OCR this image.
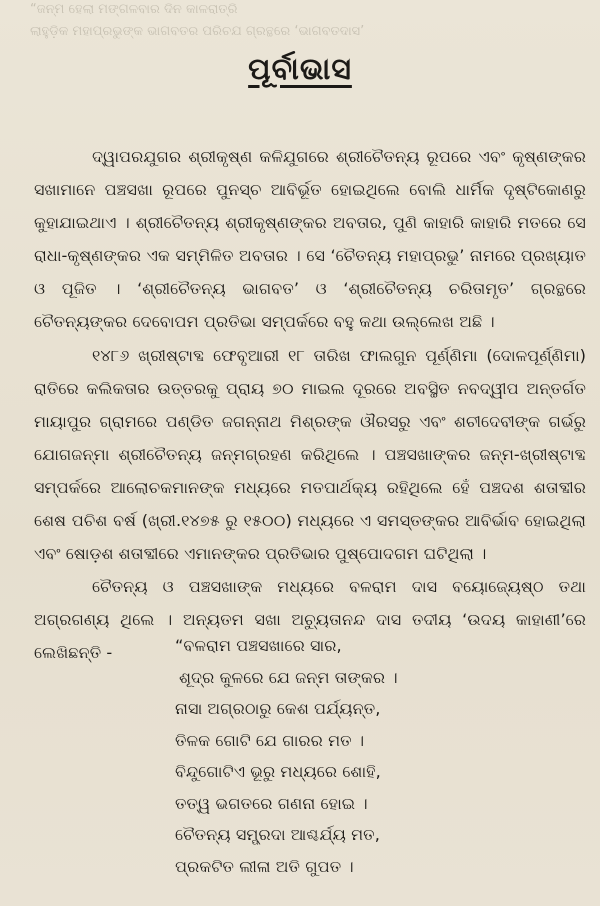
“ଜନ୍ମ ହେଲା ମଙ୍ଗଳବାର ଦିନ କାଳରାତ୍ରି
ଲାହୁଡ଼ିକ ମହାପ୍ରଭୁଙ୍କ ଭାଗବତର ପରିଚଯ ଗ୍ରନ୍ଥରେ ‘ଭାଗବତଦାସ’
ପୂର୍ବାଭାସ

ଦ୍ୱାପରଯୁଗର ଶ୍ରୀକୃଷ୍ଣ କଳିଯୁଗରେ ଶ୍ରୀଚୈତନ୍ୟ ରୂପରେ ଏବଂ କୃଷ୍ଣଙ୍କର ସଖାମାନେ ପଞ୍ଚସଖା ରୂପରେ ପୁନସ୍ଚ ଆବିର୍ଭୂତ ହୋଇଥିଲେ ବୋଲି ଧାର୍ମିକ ଦୃଷ୍ଟିକୋଣରୁ କୁହାଯାଇଥାଏ । ଶ୍ରୀଚୈତନ୍ୟ ଶ୍ରୀକୃଷ୍ଣଙ୍କର ଅବତାର, ପୁଣି କାହାରି କାହାରି ମତରେ ସେ ରାଧା-କୃଷ୍ଣଙ୍କର ଏକ ସମ୍ମିଳିତ ଅବତାର । ସେ ‘ଚୈତନ୍ୟ ମହାପ୍ରଭୁ’ ନାମରେ ପ୍ରଖ୍ୟାତ ଓ ପୂଜିତ । ‘ଶ୍ରୀଚୈତନ୍ୟ ଭାଗବତ’ ଓ ‘ଶ୍ରୀଚୈତନ୍ୟ ଚରିତାମୃତ’ ଗ୍ରନ୍ଥରେ ଚୈତନ୍ୟଙ୍କର ଦେବୋପମ ପ୍ରତିଭା ସମ୍ପର୍କରେ ବହୁ କଥା ଉଲ୍ଲେଖ ଅଛି ।

୧୪୮୬ ଖ୍ରୀଷ୍ଟାବ୍ଦ ଫେବୃଆରୀ ୧୮ ତାରିଖ ଫାଲଗୁନ ପୂର୍ଣ୍ଣିମା (ଦୋଳପୂର୍ଣ୍ଣିମା) ରାତିରେ କଲିକତାର ଉତ୍ତରକୁ ପ୍ରାୟ ୭୦ ମାଇଲ ଦୂରରେ ଅବସ୍ଥିତ ନବଦ୍ୱୀପ ଅନ୍ତର୍ଗତ ମାୟାପୁର ଗ୍ରାମରେ ପଣ୍ଡିତ ଜଗନ୍ନାଥ ମିଶ୍ରଙ୍କ ଔରସରୁ ଏବଂ ଶଚୀଦେବୀଙ୍କ ଗର୍ଭରୁ ଯୋଗଜନ୍ମା ଶ୍ରୀଚୈତନ୍ୟ ଜନ୍ମଗ୍ରହଣ କରିଥିଲେ । ପଞ୍ଚସଖାଙ୍କର ଜନ୍ମ-ଖ୍ରୀଷ୍ଟାବ୍ଦ ସମ୍ପର୍କରେ ଆଲୋଚକମାନଙ୍କ ମଧ୍ୟରେ ମତପାର୍ଥକ୍ୟ ରହିଥିଲେ ହେଁ ପଞ୍ଚଦଶ ଶତାବ୍ଦୀର ଶେଷ ପଚିଶ ବର୍ଷ (ଖ୍ରୀ.୧୪୭୫ ରୁ ୧୫୦୦) ମଧ୍ୟରେ ଏ ସମସ୍ତଙ୍କର ଆବିର୍ଭାବ ହୋଇଥିଲା ଏବଂ ଷୋଡ଼ଶ ଶତାବ୍ଦୀରେ ଏମାନଙ୍କର ପ୍ରତିଭାର ପୁଷ୍ପୋଦଗମ ଘଟିଥିଲା ।

ଚୈତନ୍ୟ ଓ ପଞ୍ଚସଖାଙ୍କ ମଧ୍ୟରେ ବଳରାମ ଦାସ ବୟୋଜ୍ୟେଷ୍ଠ ତଥା ଅଗ୍ରଗଣ୍ୟ ଥିଲେ । ଅନ୍ୟତମ ସଖା ଅଚ୍ୟୁତାନନ୍ଦ ଦାସ ତଦୀୟ ‘ଉଦୟ କାହାଣୀ’ରେ ଲେଖିଛନ୍ତି -	“ବଳରାମ ପଞ୍ଚସଖାରେ ସାର,
ଶୂଦ୍ର କୁଳରେ ଯେ ଜନ୍ମ ତାଙ୍କର ।
ନାସା ଅଗ୍ରଠାରୁ କେଶ ପର୍ଯ୍ୟନ୍ତ,
ତିଳକ ଗୋଟି ଯେ ଗାରର ମତ ।
ବିନ୍ଦୁଗୋଟିଏ ଭୂରୁ ମଧ୍ୟରେ ଶୋହି,
ତତ୍ୱ ଭଗତରେ ଗଣନା ହୋଇ ।
ଚୈତନ୍ୟ ସମ୍ପ୍ରଦା ଆଶ୍ଚର୍ଯ୍ୟ ମତ,
ପ୍ରକଟିତ ଲୀଳା ଅତି ଗୁପତ ।
